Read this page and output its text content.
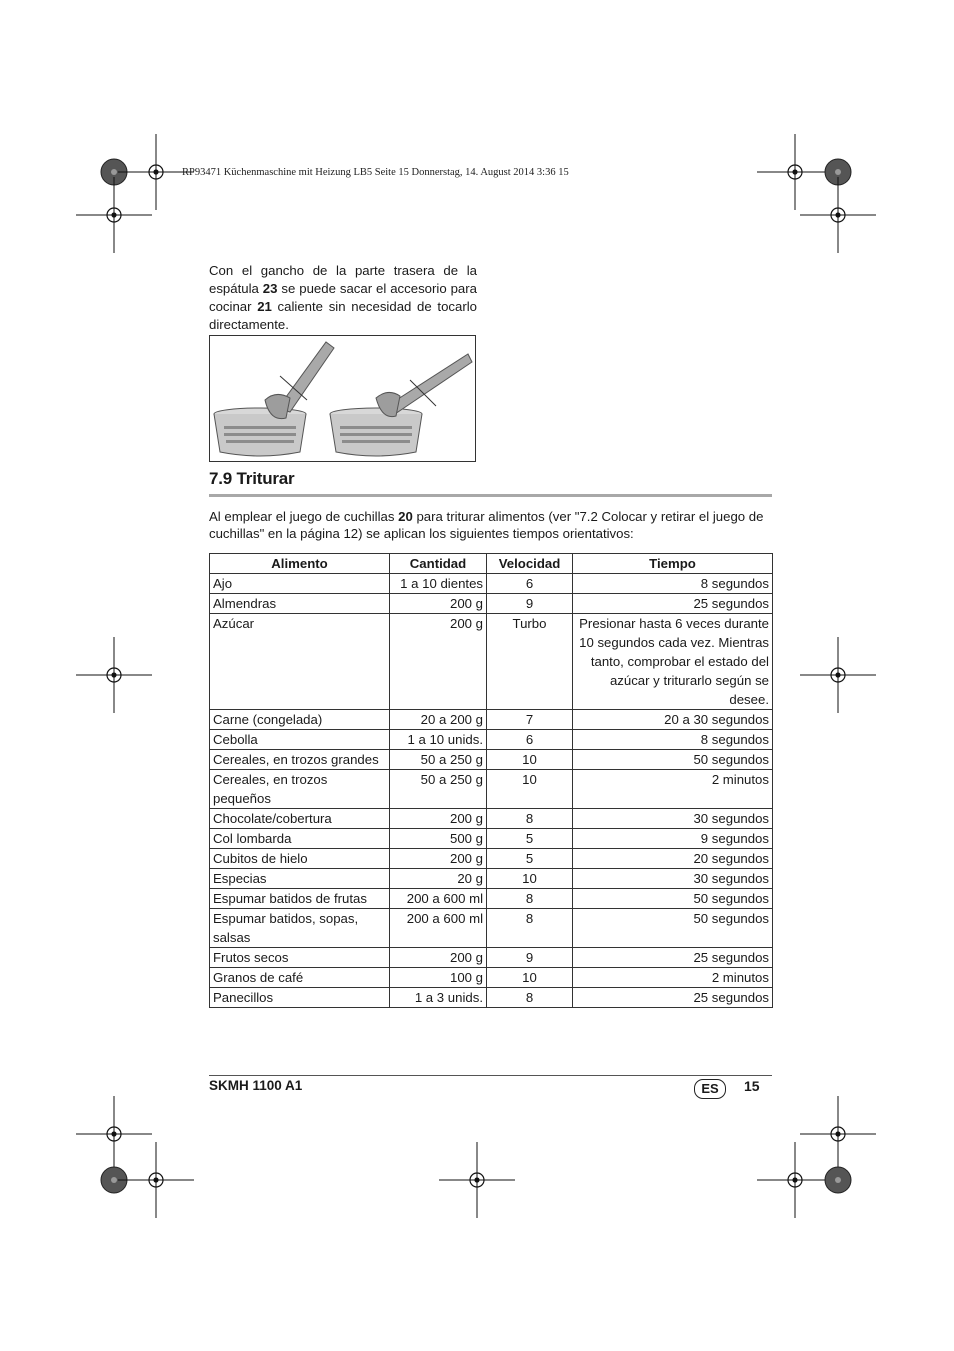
RP93471 Küchenmaschine mit Heizung LB5 Seite 15 Donnerstag, 14. August 2014 3:36 15
Con el gancho de la parte trasera de la espátula 23 se puede sacar el accesorio para cocinar 21 caliente sin necesidad de tocarlo directamente.
7.9 Triturar
Al emplear el juego de cuchillas 20 para triturar alimentos (ver "7.2 Colocar y retirar el juego de cuchillas" en la página 12) se aplican los siguientes tiempos orientativos:
Alimento	Cantidad	Velocidad	Tiempo
Ajo	1 a 10 dientes	6	8 segundos
Almendras	200 g	9	25 segundos
Azúcar	200 g	Turbo	Presionar hasta 6 veces durante 10 segundos cada vez. Mientras tanto, comprobar el estado del azúcar y triturarlo según se desee.
Carne (congelada)	20 a 200 g	7	20 a 30 segundos
Cebolla	1 a 10 unids.	6	8 segundos
Cereales, en trozos grandes	50 a 250 g	10	50 segundos
Cereales, en trozos pequeños	50 a 250 g	10	2 minutos
Chocolate/cobertura	200 g	8	30 segundos
Col lombarda	500 g	5	9 segundos
Cubitos de hielo	200 g	5	20 segundos
Especias	20 g	10	30 segundos
Espumar batidos de frutas	200 a 600 ml	8	50 segundos
Espumar batidos, sopas, salsas	200 a 600 ml	8	50 segundos
Frutos secos	200 g	9	25 segundos
Granos de café	100 g	10	2 minutos
Panecillos	1 a 3 unids.	8	25 segundos
SKMH 1100 A1	ES	15
